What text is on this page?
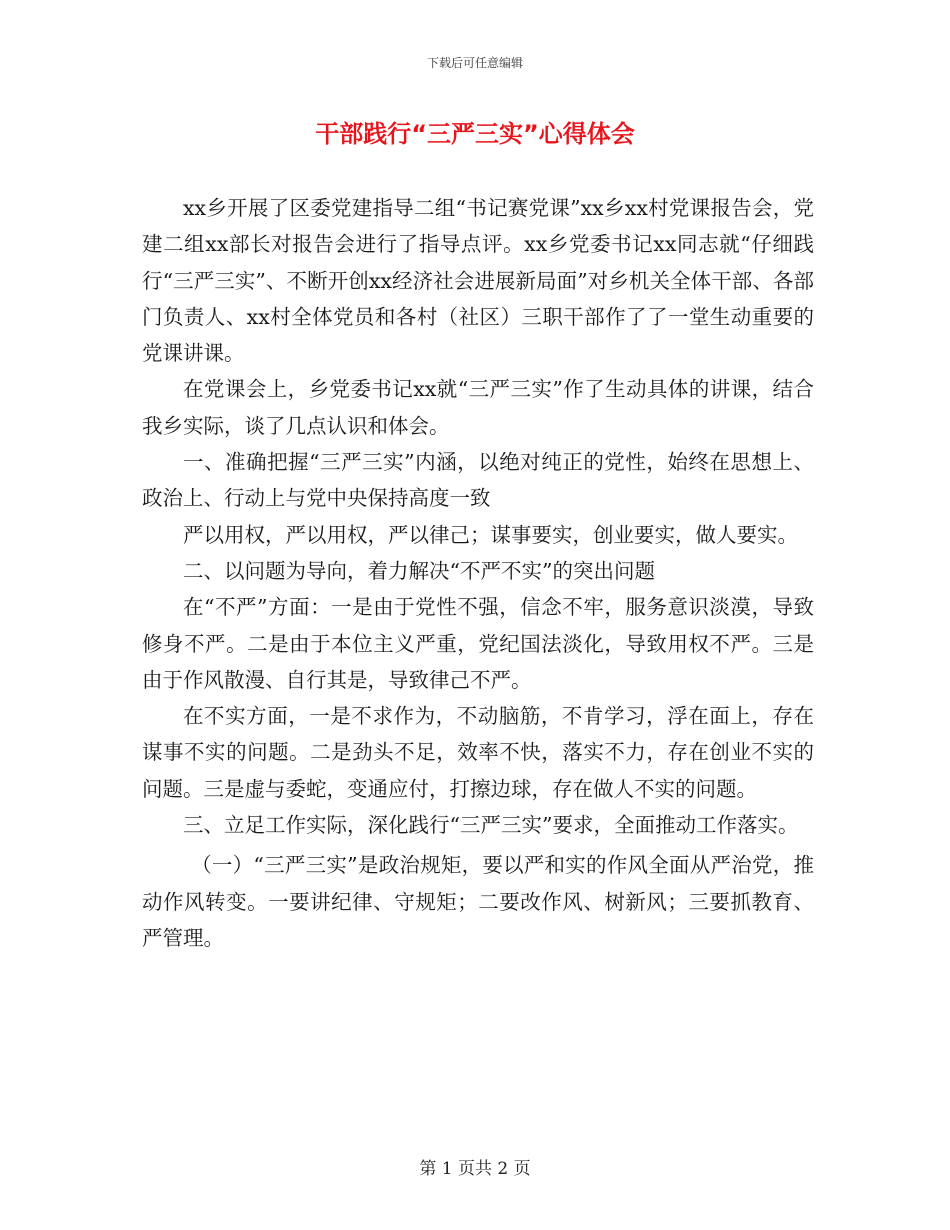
下载后可任意编辑
干部践行“三严三实”心得体会

xx乡开展了区委党建指导二组“书记赛党课”xx乡xx村党课报告会，党建二组xx部长对报告会进行了指导点评。xx乡党委书记xx同志就“仔细践行“三严三实”、不断开创xx经济社会进展新局面”对乡机关全体干部、各部门负责人、xx村全体党员和各村（社区）三职干部作了了一堂生动重要的党课讲课。

在党课会上，乡党委书记xx就“三严三实”作了生动具体的讲课，结合我乡实际，谈了几点认识和体会。

一、准确把握“三严三实”内涵，以绝对纯正的党性，始终在思想上、政治上、行动上与党中央保持高度一致

严以用权，严以用权，严以律己；谋事要实，创业要实，做人要实。

二、以问题为导向，着力解决“不严不实”的突出问题

在“不严”方面：一是由于党性不强，信念不牢，服务意识淡漠，导致修身不严。二是由于本位主义严重，党纪国法淡化，导致用权不严。三是由于作风散漫、自行其是，导致律己不严。

在不实方面，一是不求作为，不动脑筋，不肯学习，浮在面上，存在谋事不实的问题。二是劲头不足，效率不快，落实不力，存在创业不实的问题。三是虚与委蛇，变通应付，打擦边球，存在做人不实的问题。

三、立足工作实际，深化践行“三严三实”要求，全面推动工作落实。

（一）“三严三实”是政治规矩，要以严和实的作风全面从严治党，推动作风转变。一要讲纪律、守规矩；二要改作风、树新风；三要抓教育、严管理。

第 1 页共 2 页
